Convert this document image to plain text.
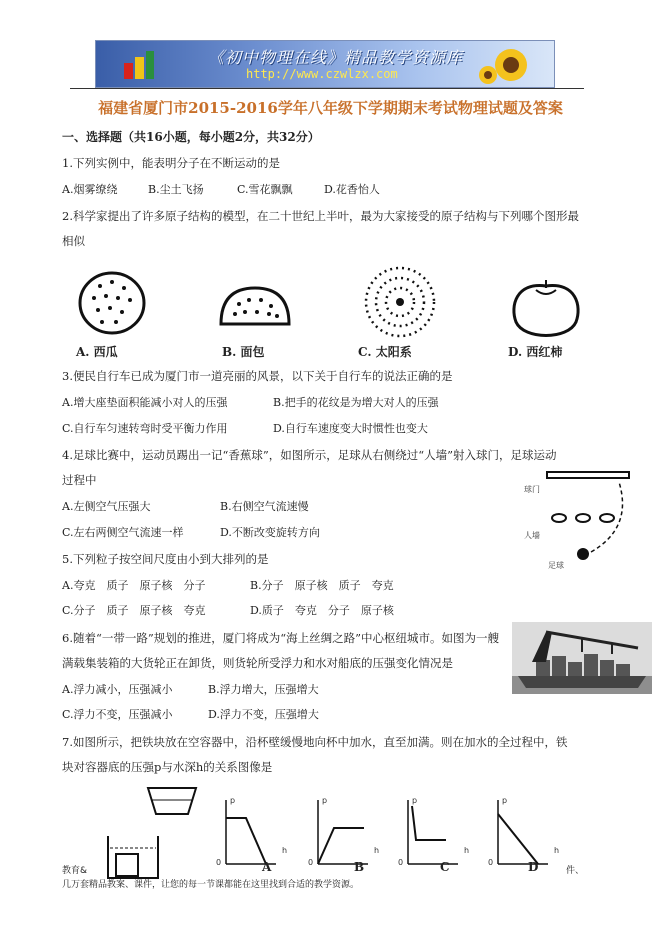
《初中物理在线》精品教学资源库
http://www.czwlzx.com
福建省厦门市2015-2016学年八年级下学期期末考试物理试题及答案
一、选择题（共16小题，每小题2分，共32分）
1.下列实例中，能表明分子在不断运动的是
A.烟雾缭绕	B.尘土飞扬	C.雪花飘飘	D.花香怡人
2.科学家提出了许多原子结构的模型，在二十世纪上半叶，最为大家接受的原子结构与下列哪个图形最
相似
A. 西瓜	B. 面包	C. 太阳系	D. 西红柿
3.便民自行车已成为厦门市一道亮丽的风景，以下关于自行车的说法正确的是
A.增大座垫面积能减小对人的压强	B.把手的花纹是为增大对人的压强
C.自行车匀速转弯时受平衡力作用	D.自行车速度变大时惯性也变大
4.足球比赛中，运动员踢出一记“香蕉球”，如图所示，足球从右侧绕过“人墙”射入球门，足球运动
过程中
A.左侧空气压强大	B.右侧空气流速慢
C.左右两侧空气流速一样	D.不断改变旋转方向
球门
人墙
足球
5.下列粒子按空间尺度由小到大排列的是
A.夸克　质子　原子核　分子	B.分子　原子核　质子　夸克
C.分子　质子　原子核　夸克	D.质子　夸克　分子　原子核
6.随着“一带一路”规划的推进，厦门将成为“海上丝绸之路”中心枢纽城市。如图为一艘
满载集装箱的大货轮正在卸货，则货轮所受浮力和水对船底的压强变化情况是
A.浮力减小，压强减小	B.浮力增大，压强增大
C.浮力不变，压强减小	D.浮力不变，压强增大
7.如图所示，把铁块放在空容器中，沿杯壁缓慢地向杯中加水，直至加满。则在加水的全过程中，铁
块对容器底的压强p与水深h的关系图像是
p	p	p	p
h	h	h	h
0	0	0	0
A	B	C	D
教育&	件、
几万套精品教案、课件，让您的每一节课都能在这里找到合适的教学资源。
